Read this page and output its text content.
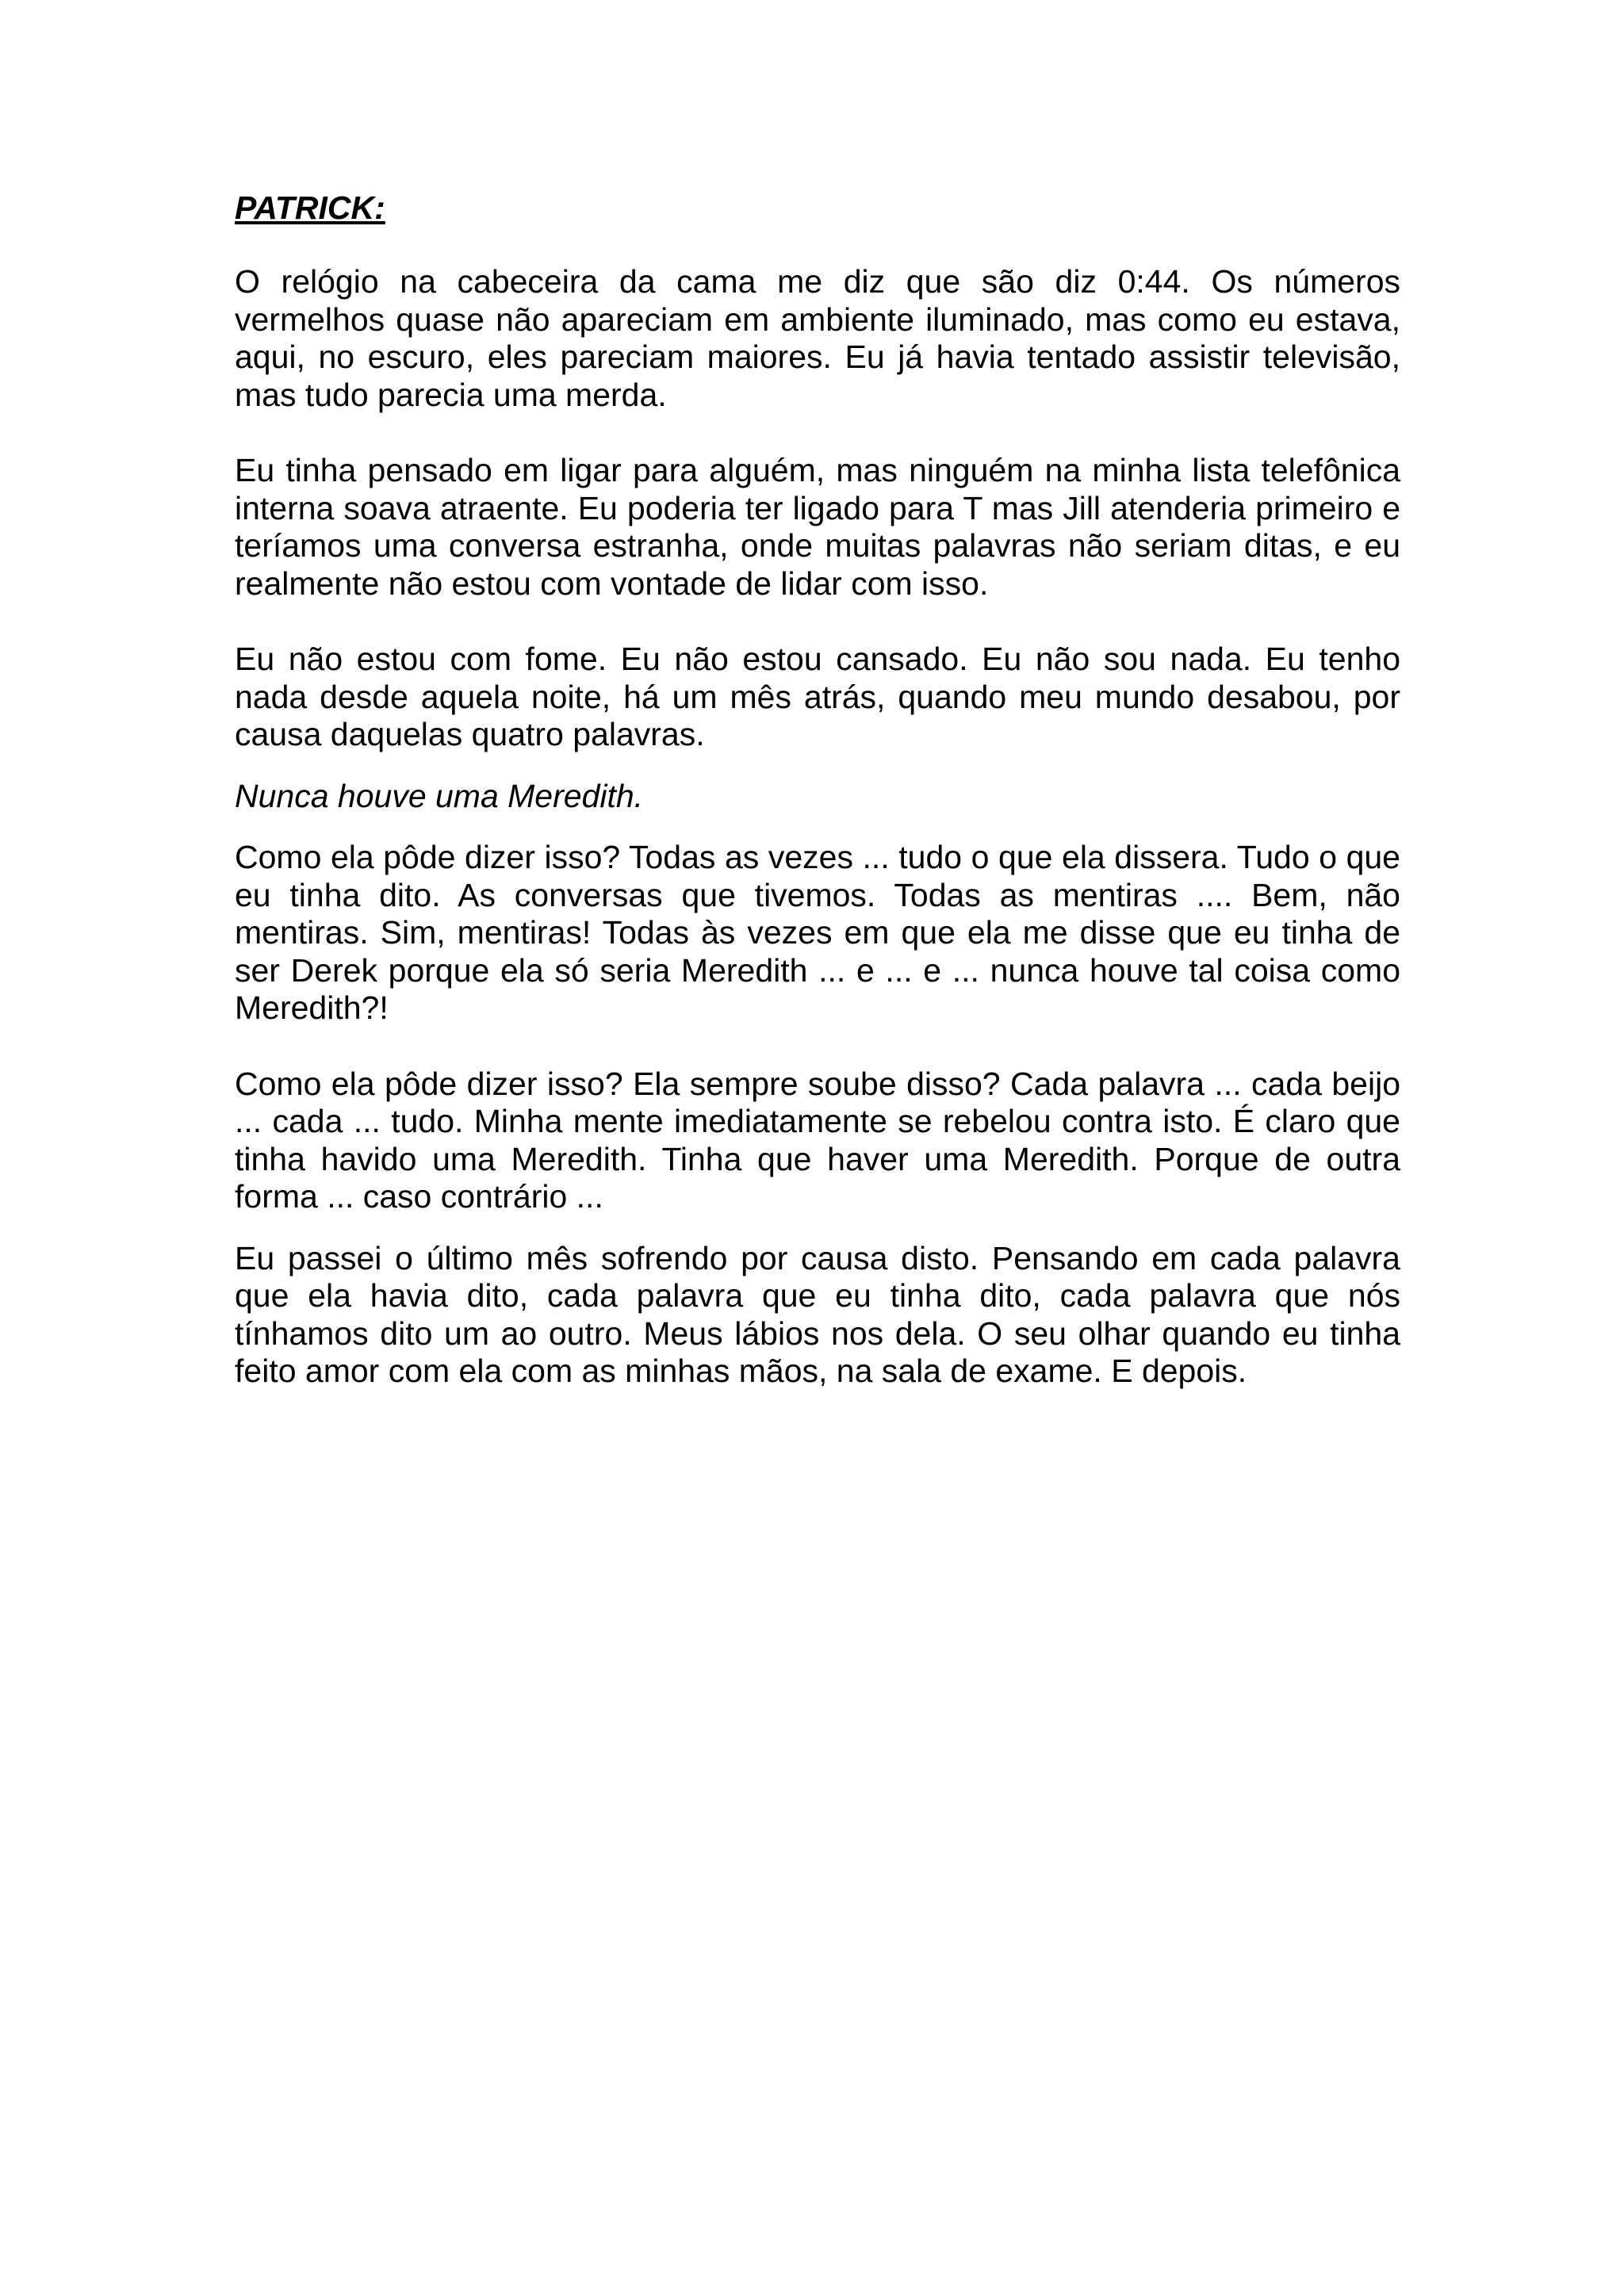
PATRICK:

O relógio na cabeceira da cama me diz que são diz 0:44. Os números vermelhos quase não apareciam em ambiente iluminado, mas como eu estava, aqui, no escuro, eles pareciam maiores. Eu já havia tentado assistir televisão, mas tudo parecia uma merda.

Eu tinha pensado em ligar para alguém, mas ninguém na minha lista telefônica interna soava atraente. Eu poderia ter ligado para T mas Jill atenderia primeiro e teríamos uma conversa estranha, onde muitas palavras não seriam ditas, e eu realmente não estou com vontade de lidar com isso.

Eu não estou com fome. Eu não estou cansado. Eu não sou nada. Eu tenho nada desde aquela noite, há um mês atrás, quando meu mundo desabou, por causa daquelas quatro palavras.

Nunca houve uma Meredith.

Como ela pôde dizer isso? Todas as vezes ... tudo o que ela dissera. Tudo o que eu tinha dito. As conversas que tivemos. Todas as mentiras .... Bem, não mentiras. Sim, mentiras! Todas às vezes em que ela me disse que eu tinha de ser Derek porque ela só seria Meredith ... e ... e ... nunca houve tal coisa como Meredith?!

Como ela pôde dizer isso? Ela sempre soube disso? Cada palavra ... cada beijo ... cada ... tudo. Minha mente imediatamente se rebelou contra isto. É claro que tinha havido uma Meredith. Tinha que haver uma Meredith. Porque de outra forma ... caso contrário ...

Eu passei o último mês sofrendo por causa disto. Pensando em cada palavra que ela havia dito, cada palavra que eu tinha dito, cada palavra que nós tínhamos dito um ao outro. Meus lábios nos dela. O seu olhar quando eu tinha feito amor com ela com as minhas mãos, na sala de exame. E depois.
